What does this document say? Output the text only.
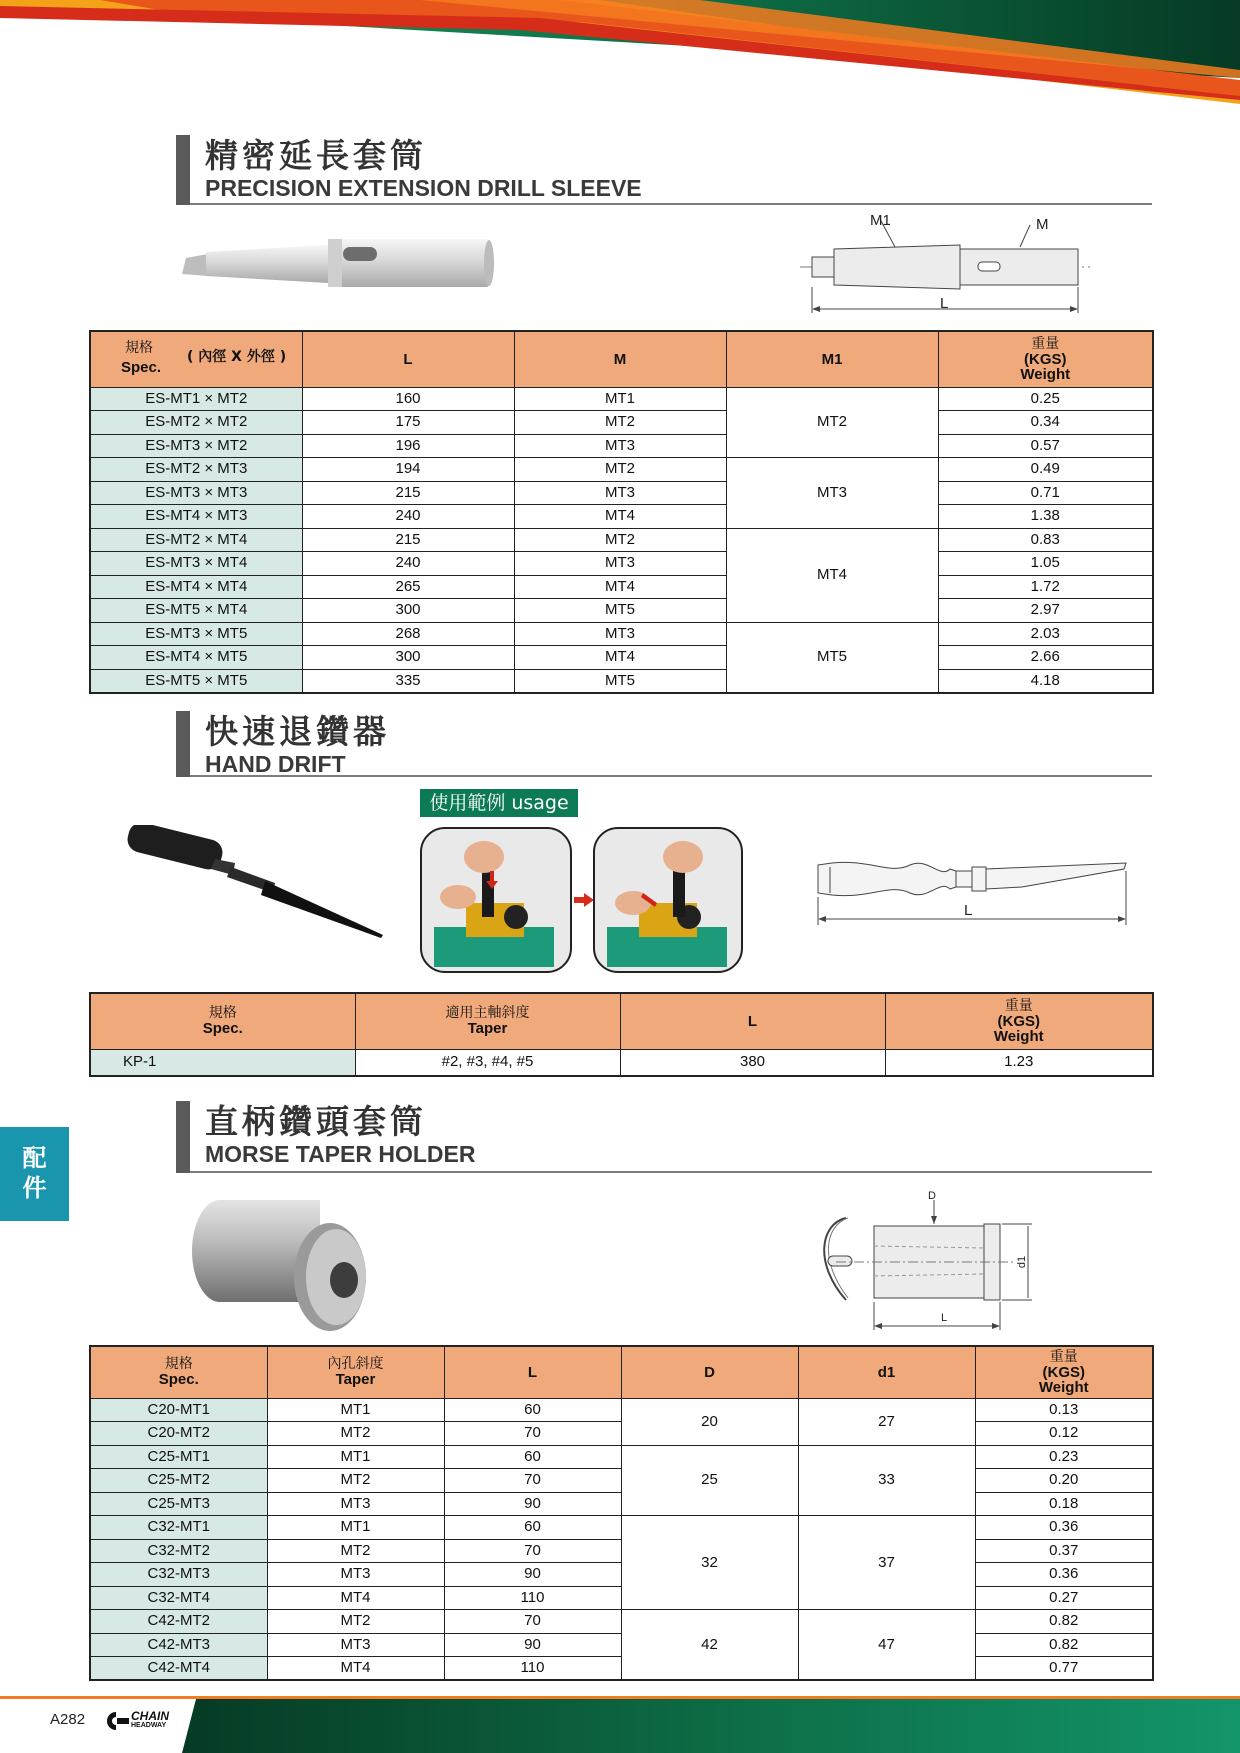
配
件
精密延長套筒
PRECISION EXTENSION DRILL SLEEVE
M1	M
L
規格
Spec.
( 內徑 X 外徑 )	L	M	M1	重量
(KGS)
Weight

ES-MT1 × MT2	160	MT1	MT2	0.25
ES-MT2 × MT2	175	MT2		0.34
ES-MT3 × MT2	196	MT3		0.57
ES-MT2 × MT3	194	MT2	MT3	0.49
ES-MT3 × MT3	215	MT3		0.71
ES-MT4 × MT3	240	MT4		1.38
ES-MT2 × MT4	215	MT2	MT4	0.83
ES-MT3 × MT4	240	MT3		1.05
ES-MT4 × MT4	265	MT4		1.72
ES-MT5 × MT4	300	MT5		2.97
ES-MT3 × MT5	268	MT3	MT5	2.03
ES-MT4 × MT5	300	MT4		2.66
ES-MT5 × MT5	335	MT5		4.18
快速退鑽器
HAND DRIFT
使用範例 usage
L
規格
Spec.	適用主軸斜度
Taper	L	重量
(KGS)
Weight

KP-1	#2, #3, #4, #5	380	1.23
直柄鑽頭套筒
MORSE TAPER HOLDER
D
d1
L
規格
Spec.	內孔斜度
Taper	L	D	d1	重量
(KGS)
Weight

C20-MT1	MT1	60	20	27	0.13
C20-MT2	MT2	70			0.12
C25-MT1	MT1	60	25	33	0.23
C25-MT2	MT2	70			0.20
C25-MT3	MT3	90			0.18
C32-MT1	MT1	60	32	37	0.36
C32-MT2	MT2	70			0.37
C32-MT3	MT3	90			0.36
C32-MT4	MT4	110			0.27
C42-MT2	MT2	70	42	47	0.82
C42-MT3	MT3	90			0.82
C42-MT4	MT4	110			0.77
A282	CHAIN
HEADWAY
